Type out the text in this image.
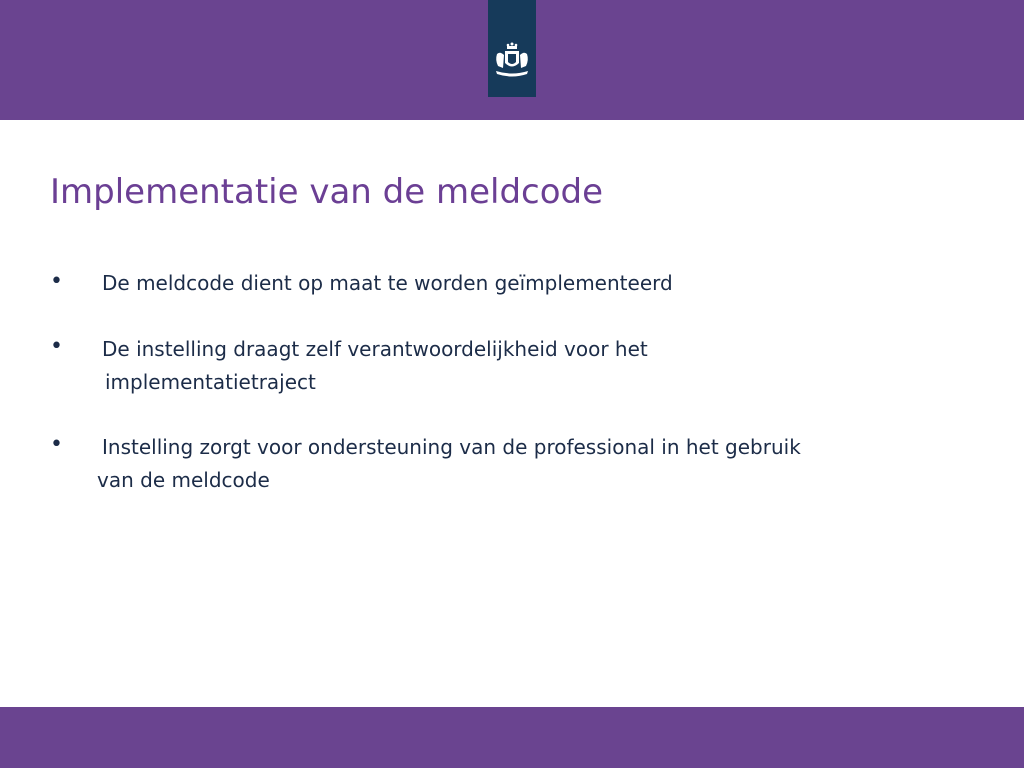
Implementatie van de meldcode
• De meldcode dient op maat te worden geïmplementeerd
• De instelling draagt zelf verantwoordelijkheid voor het
implementatietraject
• Instelling zorgt voor ondersteuning van de professional in het gebruik
van de meldcode
